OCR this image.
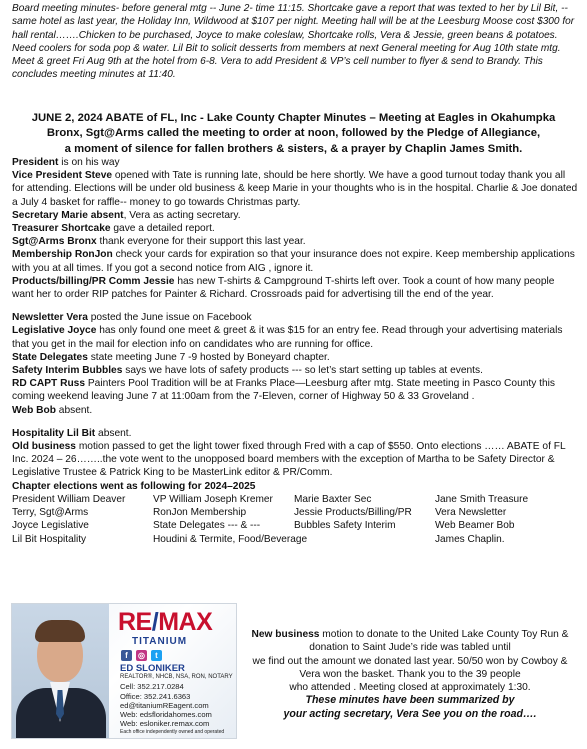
Board meeting minutes- before general mtg -- June 2- time 11:15. Shortcake gave a report that was texted to her by Lil Bit, -- same hotel as last year, the Holiday Inn, Wildwood at $107 per night. Meeting hall will be at the Leesburg Moose cost $300 for hall rental…….Chicken to be purchased, Joyce to make coleslaw, Shortcake rolls, Vera & Jessie, green beans & potatoes. Need coolers for soda pop & water. Lil Bit to solicit desserts from members at next General meeting for Aug 10th state mtg. Meet & greet Fri Aug 9th at the hotel from 6-8. Vera to add President & VP’s cell number to flyer & send to Brandy. This concludes meeting minutes at 11:40.

JUNE 2, 2024 ABATE of FL, Inc - Lake County Chapter Minutes – Meeting at Eagles in Okahumpka
Bronx, Sgt@Arms called the meeting to order at noon, followed by the Pledge of Allegiance,
a moment of silence for fallen brothers & sisters, & a prayer by Chaplin James Smith.

President is on his way

Vice President Steve opened with Tate is running late, should be here shortly. We have a good turnout today thank you all for attending. Elections will be under old business & keep Marie in your thoughts who is in the hospital. Charlie & Joe donated a July 4 basket for raffle-- money to go towards Christmas party.

Secretary Marie absent, Vera as acting secretary.

Treasurer Shortcake gave a detailed report.

Sgt@Arms Bronx thank everyone for their support this last year.

Membership RonJon check your cards for expiration so that your insurance does not expire. Keep membership applications with you at all times. If you got a second notice from AIG , ignore it.

Products/billing/PR Comm Jessie has new T-shirts & Campground T-shirts left over. Took a count of how many people want her to order RIP patches for Painter & Richard. Crossroads paid for advertising till the end of the year.

Newsletter Vera posted the June issue on Facebook

Legislative Joyce has only found one meet & greet & it was $15 for an entry fee. Read through your advertising materials that you get in the mail for election info on candidates who are running for office.

State Delegates state meeting June 7 -9 hosted by Boneyard chapter.

Safety Interim Bubbles says we have lots of safety products --- so let’s start setting up tables at events.

RD CAPT Russ Painters Pool Tradition will be at Franks Place—Leesburg after mtg. State meeting in Pasco County this coming weekend leaving June 7 at 11:00am from the 7-Eleven, corner of Highway 50 & 33 Groveland .

Web Bob absent.

Hospitality Lil Bit absent.

Old business motion passed to get the light tower fixed through Fred with a cap of $550. Onto elections …… ABATE of FL Inc. 2024 – 26……..the vote went to the unopposed board members with the exception of Martha to be Safety Director & Legislative Trustee & Patrick King to be MasterLink editor & PR/Comm.

Chapter elections went as following for 2024–2025

President William Deaver	VP William Joseph Kremer	Marie Baxter Sec	Jane Smith Treasure
Terry, Sgt@Arms	RonJon Membership	Jessie Products/Billing/PR	Vera Newsletter
Joyce Legislative	State Delegates --- & ---	Bubbles Safety Interim	Web Beamer Bob
Lil Bit Hospitality	Houdini & Termite, Food/Beverage	James Chaplin.
RE/MAX
TITANIUM
f	◎	t
ED SLONIKER
REALTOR®, NHCB, NSA, RON, NOTARY
Cell: 352.217.0284
Office: 352.241.6363
ed@titaniumREagent.com
Web: edsfloridahomes.com
Web: esloniker.remax.com
Each office independently owned and operated

New business motion to donate to the United Lake County Toy Run &

donation to Saint Jude’s ride was tabled until

we find out the amount we donated last year. 50/50 won by Cowboy &

Vera won the basket. Thank you to the 39 people

who attended . Meeting closed at approximately 1:30.

These minutes have been summarized by

your acting secretary, Vera See you on the road….
